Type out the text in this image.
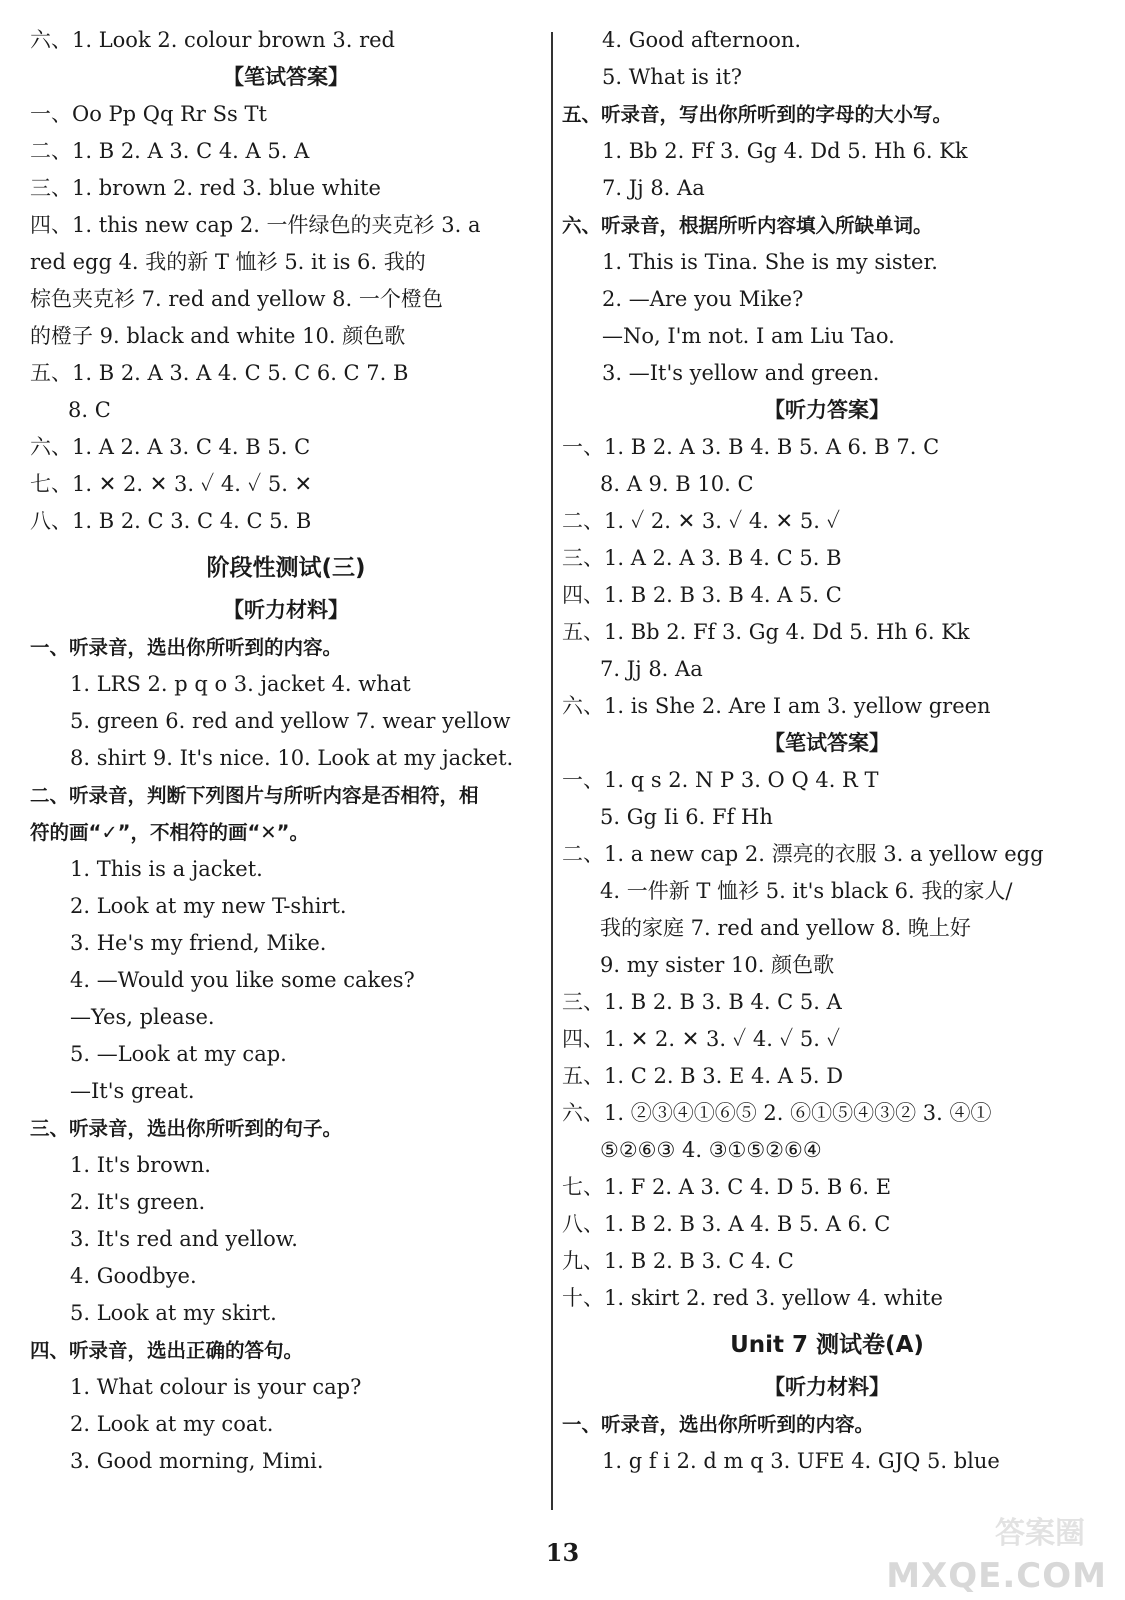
六、1. Look 2. colour brown 3. red
【笔试答案】
一、Oo Pp Qq Rr Ss Tt
二、1. B 2. A 3. C 4. A 5. A
三、1. brown 2. red 3. blue white
四、1. this new cap 2. 一件绿色的夹克衫 3. a
red egg 4. 我的新 T 恤衫 5. it is 6. 我的
棕色夹克衫 7. red and yellow 8. 一个橙色
的橙子 9. black and white 10. 颜色歌
五、1. B 2. A 3. A 4. C 5. C 6. C 7. B
8. C
六、1. A 2. A 3. C 4. B 5. C
七、1. ✕ 2. ✕ 3. ✓ 4. ✓ 5. ✕
八、1. B 2. C 3. C 4. C 5. B
阶段性测试(三)
【听力材料】
一、听录音，选出你所听到的内容。
1. LRS 2. p q o 3. jacket 4. what
5. green 6. red and yellow 7. wear yellow
8. shirt 9. It's nice. 10. Look at my jacket.
二、听录音，判断下列图片与所听内容是否相符，相
符的画“✓”，不相符的画“✕”。
1. This is a jacket.
2. Look at my new T-shirt.
3. He's my friend, Mike.
4. —Would you like some cakes?
—Yes, please.
5. —Look at my cap.
—It's great.
三、听录音，选出你所听到的句子。
1. It's brown.
2. It's green.
3. It's red and yellow.
4. Goodbye.
5. Look at my skirt.
四、听录音，选出正确的答句。
1. What colour is your cap?
2. Look at my coat.
3. Good morning, Mimi.
4. Good afternoon.
5. What is it?
五、听录音，写出你所听到的字母的大小写。
1. Bb 2. Ff 3. Gg 4. Dd 5. Hh 6. Kk
7. Jj 8. Aa
六、听录音，根据所听内容填入所缺单词。
1. This is Tina. She is my sister.
2. —Are you Mike?
—No, I'm not. I am Liu Tao.
3. —It's yellow and green.
【听力答案】
一、1. B 2. A 3. B 4. B 5. A 6. B 7. C
8. A 9. B 10. C
二、1. ✓ 2. ✕ 3. ✓ 4. ✕ 5. ✓
三、1. A 2. A 3. B 4. C 5. B
四、1. B 2. B 3. B 4. A 5. C
五、1. Bb 2. Ff 3. Gg 4. Dd 5. Hh 6. Kk
7. Jj 8. Aa
六、1. is She 2. Are I am 3. yellow green
【笔试答案】
一、1. q s 2. N P 3. O Q 4. R T
5. Gg Ii 6. Ff Hh
二、1. a new cap 2. 漂亮的衣服 3. a yellow egg
4. 一件新 T 恤衫 5. it's black 6. 我的家人/
我的家庭 7. red and yellow 8. 晚上好
9. my sister 10. 颜色歌
三、1. B 2. B 3. B 4. C 5. A
四、1. ✕ 2. ✕ 3. ✓ 4. ✓ 5. ✓
五、1. C 2. B 3. E 4. A 5. D
六、1. ②③④①⑥⑤ 2. ⑥①⑤④③② 3. ④①
⑤②⑥③ 4. ③①⑤②⑥④
七、1. F 2. A 3. C 4. D 5. B 6. E
八、1. B 2. B 3. A 4. B 5. A 6. C
九、1. B 2. B 3. C 4. C
十、1. skirt 2. red 3. yellow 4. white
Unit 7 测试卷(A)
【听力材料】
一、听录音，选出你所听到的内容。
1. g f i 2. d m q 3. UFE 4. GJQ 5. blue
13
答案圈
MXQE.COM
